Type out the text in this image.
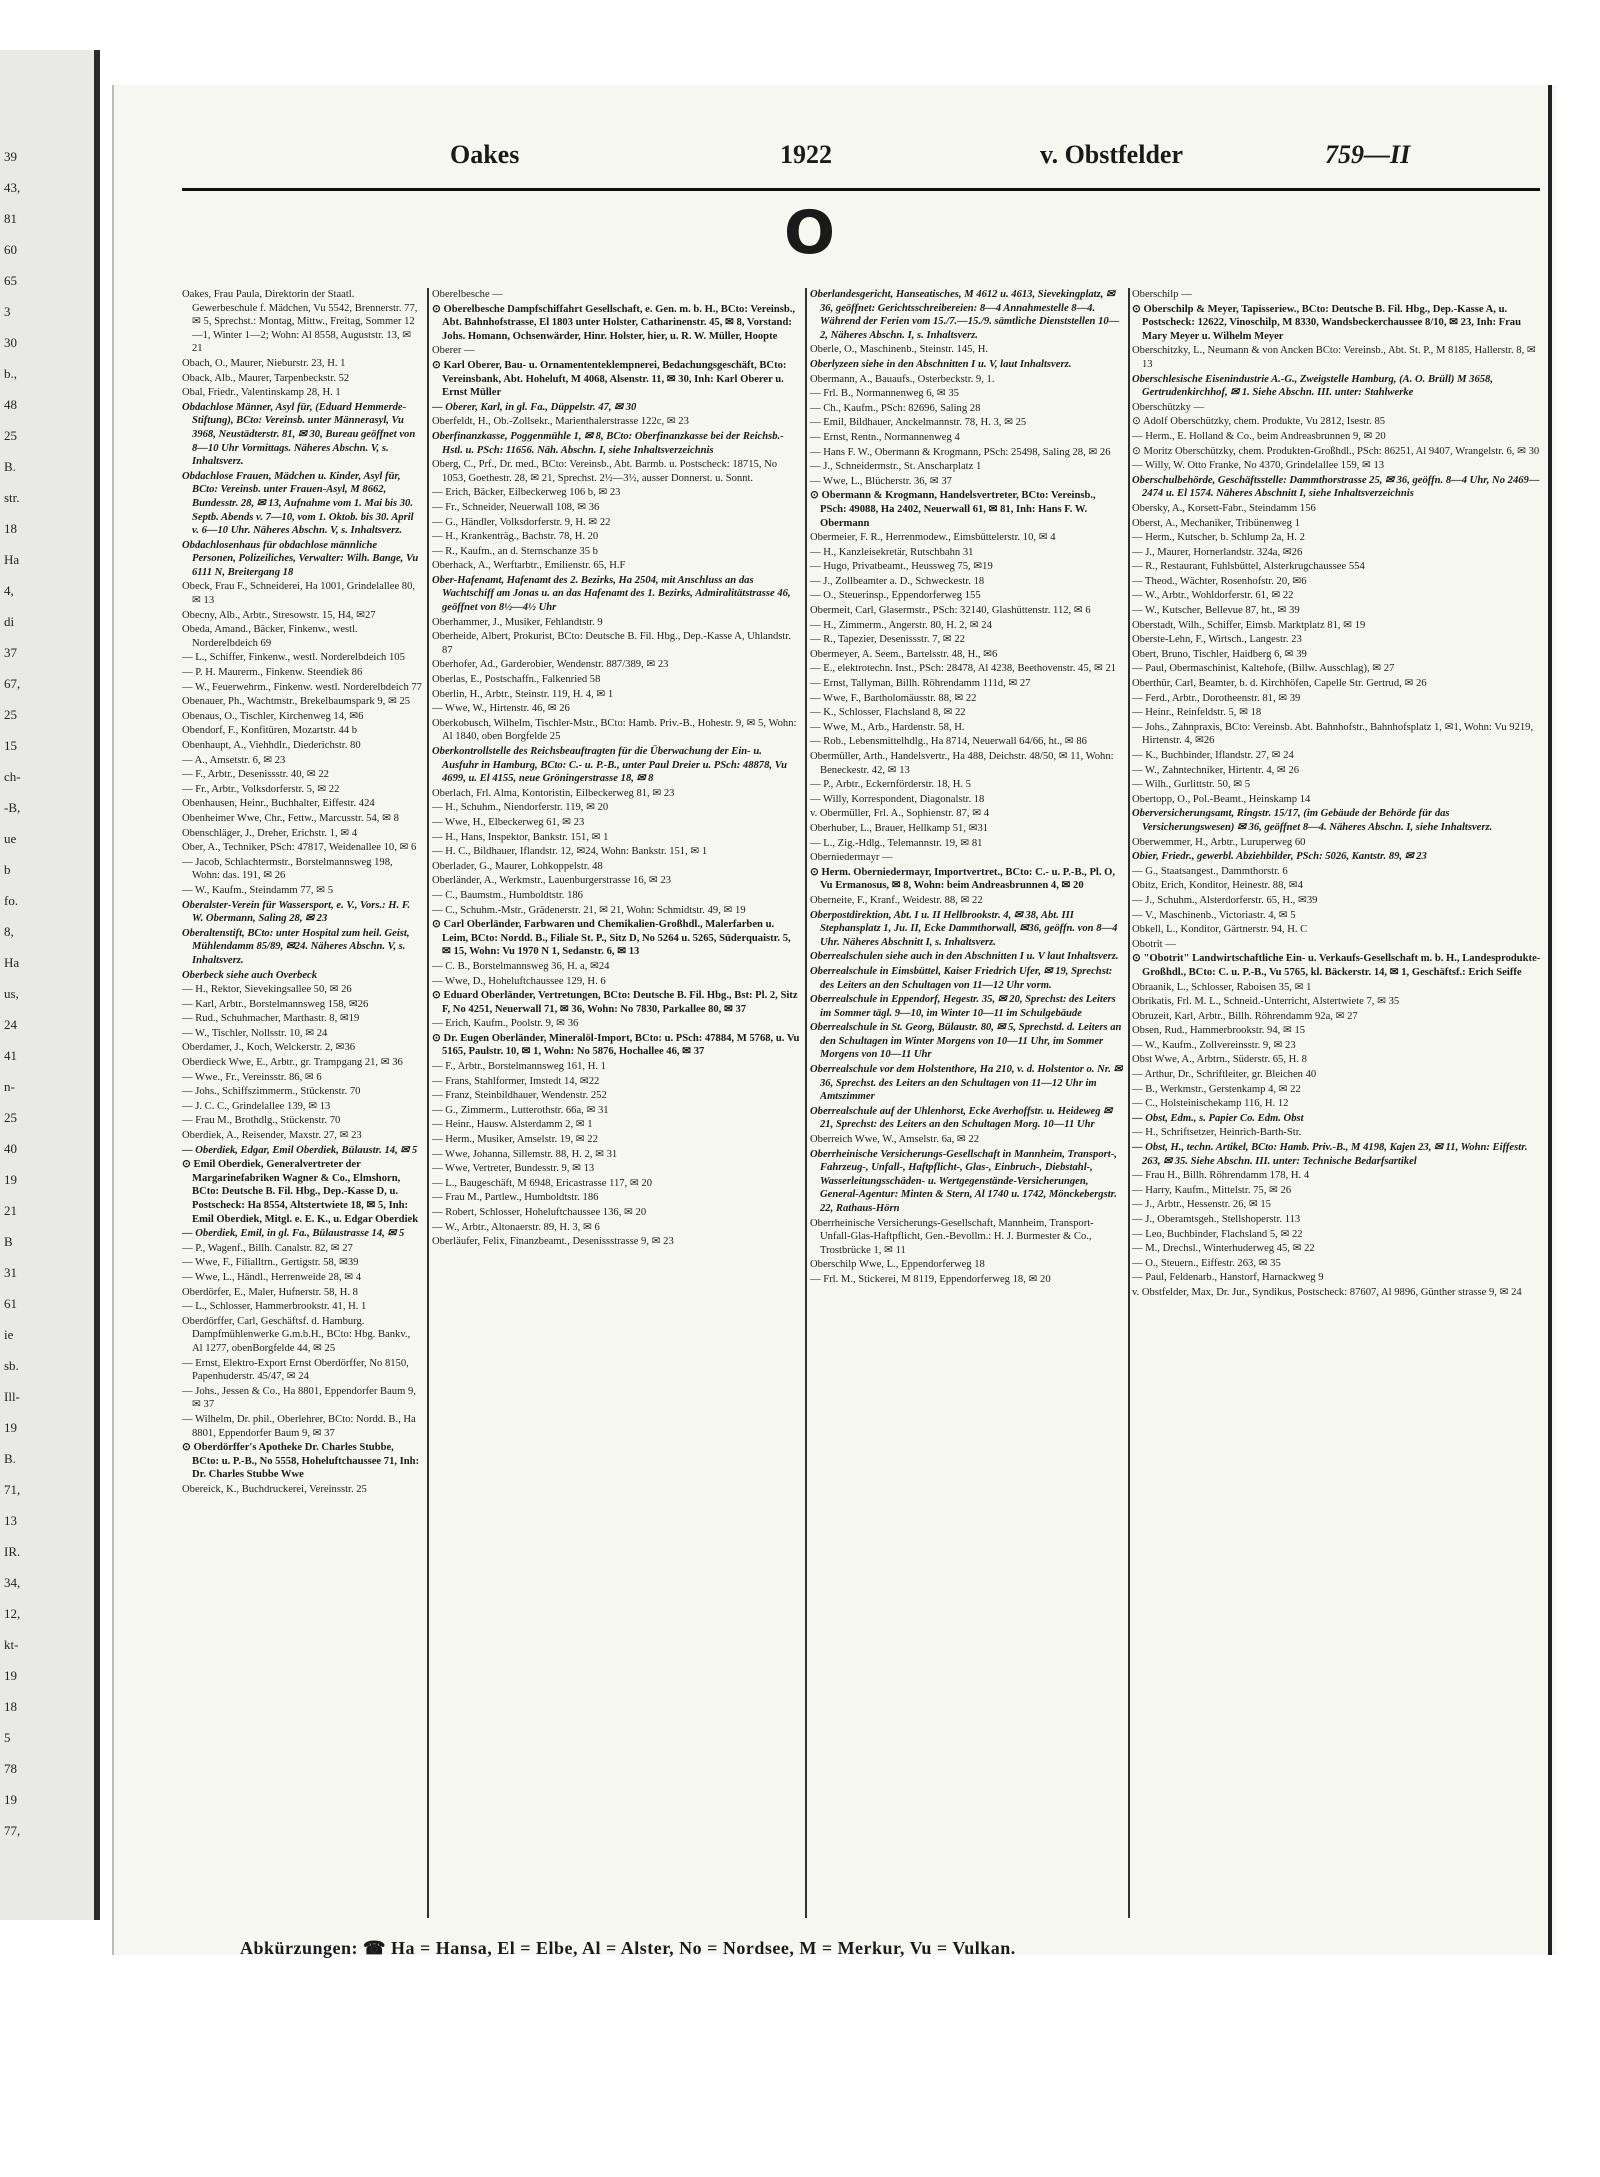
39
43,
81
60
65
3
30
b.,
48
25
B.
str.
18
Ha
4,
di
37
67,
25
15
ch-
-B,
ue
b
fo.
8,
Ha
us,
24
41
n-
25
40
19
21
B
31
61
ie
sb.
Ill-
19
B.
71,
13
IR.
34,
12,
kt-
19
18
5
78
19
77,
Oakes	1922	v. Obstfelder	759—II
O
Oakes, Frau Paula, Direktorin der Staatl. Gewerbeschule f. Mädchen, Vu 5542, Brennerstr. 77, ✉ 5, Sprechst.: Montag, Mittw., Freitag, Sommer 12—1, Winter 1—2; Wohn: Al 8558, Auguststr. 13, ✉ 21
Obach, O., Maurer, Nieburstr. 23, H. 1
Oback, Alb., Maurer, Tarpenbeckstr. 52
Obal, Friedr., Valentinskamp 28, H. 1
Obdachlose Männer, Asyl für, (Eduard Hemmerde-Stiftung), BCto: Vereinsb. unter Männerasyl, Vu 3968, Neustädterstr. 81, ✉ 30, Bureau geöffnet von 8—10 Uhr Vormittags. Näheres Abschn. V, s. Inhaltsverz.
Obdachlose Frauen, Mädchen u. Kinder, Asyl für, BCto: Vereinsb. unter Frauen-Asyl, M 8662, Bundesstr. 28, ✉ 13, Aufnahme vom 1. Mai bis 30. Septb. Abends v. 7—10, vom 1. Oktob. bis 30. April v. 6—10 Uhr. Näheres Abschn. V, s. Inhaltsverz.
Obdachlosenhaus für obdachlose männliche Personen, Polizeiliches, Verwalter: Wilh. Bange, Vu 6111 N, Breitergang 18
Obeck, Frau F., Schneiderei, Ha 1001, Grindelallee 80, ✉ 13
Obecny, Alb., Arbtr., Stresowstr. 15, H4, ✉27
Obeda, Amand., Bäcker, Finkenw., westl. Norderelbdeich 69
— L., Schiffer, Finkenw., westl. Norderelbdeich 105
— P. H. Maurerm., Finkenw. Steendiek 86
— W., Feuerwehrm., Finkenw. westl. Norderelbdeich 77
Obenauer, Ph., Wachtmstr., Brekelbaumspark 9, ✉ 25
Obenaus, O., Tischler, Kirchenweg 14, ✉6
Obendorf, F., Konfitüren, Mozartstr. 44 b
Obenhaupt, A., Viehhdlr., Diederichstr. 80
— A., Amsetstr. 6, ✉ 23
— F., Arbtr., Desenissstr. 40, ✉ 22
— Fr., Arbtr., Volksdorferstr. 5, ✉ 22
Obenhausen, Heinr., Buchhalter, Eiffestr. 424
Obenheimer Wwe, Chr., Fettw., Marcusstr. 54, ✉ 8
Obenschläger, J., Dreher, Erichstr. 1, ✉ 4
Ober, A., Techniker, PSch: 47817, Weidenallee 10, ✉ 6
— Jacob, Schlachtermstr., Borstelmannsweg 198, Wohn: das. 191, ✉ 26
— W., Kaufm., Steindamm 77, ✉ 5
Oberalster-Verein für Wassersport, e. V., Vors.: H. F. W. Obermann, Saling 28, ✉ 23
Oberaltenstift, BCto: unter Hospital zum heil. Geist, Mühlendamm 85/89, ✉24. Näheres Abschn. V, s. Inhaltsverz.
Oberbeck siehe auch Overbeck
— H., Rektor, Sievekingsallee 50, ✉ 26
— Karl, Arbtr., Borstelmannsweg 158, ✉26
— Rud., Schuhmacher, Marthastr. 8, ✉19
— W., Tischler, Nollsstr. 10, ✉ 24
Oberdamer, J., Koch, Welckerstr. 2, ✉36
Oberdieck Wwe, E., Arbtr., gr. Trampgang 21, ✉ 36
— Wwe., Fr., Vereinsstr. 86, ✉ 6
— Johs., Schiffszimmerm., Stückenstr. 70
— J. C. C., Grindelallee 139, ✉ 13
— Frau M., Brothdlg., Stückenstr. 70
Oberdiek, A., Reisender, Maxstr. 27, ✉ 23
— Oberdiek, Edgar, Emil Oberdiek, Bülaustr. 14, ✉ 5
⊙ Emil Oberdiek, Generalvertreter der Margarinefabriken Wagner & Co., Elmshorn, BCto: Deutsche B. Fil. Hbg., Dep.-Kasse D, u. Postscheck: Ha 8554, Altstertwiete 18, ✉ 5, Inh: Emil Oberdiek, Mitgl. e. E. K., u. Edgar Oberdiek
— Oberdiek, Emil, in gl. Fa., Bülaustrasse 14, ✉ 5
— P., Wagenf., Billh. Canalstr. 82, ✉ 27
— Wwe, F., Filialltrn., Gertigstr. 58, ✉39
— Wwe, L., Händl., Herrenweide 28, ✉ 4
Oberdörfer, E., Maler, Hufnerstr. 58, H. 8
— L., Schlosser, Hammerbrookstr. 41, H. 1
Oberdörffer, Carl, Geschäftsf. d. Hamburg. Dampfmühlenwerke G.m.b.H., BCto: Hbg. Bankv., Al 1277, obenBorgfelde 44, ✉ 25
— Ernst, Elektro-Export Ernst Oberdörffer, No 8150, Papenhuderstr. 45/47, ✉ 24
— Johs., Jessen & Co., Ha 8801, Eppendorfer Baum 9, ✉ 37
— Wilhelm, Dr. phil., Oberlehrer, BCto: Nordd. B., Ha 8801, Eppendorfer Baum 9, ✉ 37
⊙ Oberdörffer's Apotheke Dr. Charles Stubbe, BCto: u. P.-B., No 5558, Hoheluftchaussee 71, Inh: Dr. Charles Stubbe Wwe
Obereick, K., Buchdruckerei, Vereinsstr. 25
Oberelbesche —
⊙ Oberelbesche Dampfschiffahrt Gesellschaft, e. Gen. m. b. H., BCto: Vereinsb., Abt. Bahnhofstrasse, El 1803 unter Holster, Catharinenstr. 45, ✉ 8, Vorstand: Johs. Homann, Ochsenwärder, Hinr. Holster, hier, u. R. W. Müller, Hoopte
Oberer —
⊙ Karl Oberer, Bau- u. Ornamententeklempnerei, Bedachungsgeschäft, BCto: Vereinsbank, Abt. Hoheluft, M 4068, Alsenstr. 11, ✉ 30, Inh: Karl Oberer u. Ernst Müller
— Oberer, Karl, in gl. Fa., Düppelstr. 47, ✉ 30
Oberfeldt, H., Ob.-Zollsekr., Marienthalerstrasse 122c, ✉ 23
Oberfinanzkasse, Poggenmühle 1, ✉ 8, BCto: Oberfinanzkasse bei der Reichsb.-Hstl. u. PSch: 11656. Näh. Abschn. I, siehe Inhaltsverzeichnis
Oberg, C., Prf., Dr. med., BCto: Vereinsb., Abt. Barmb. u. Postscheck: 18715, No 1053, Goethestr. 28, ✉ 21, Sprechst. 2½—3½, ausser Donnerst. u. Sonnt.
— Erich, Bäcker, Eilbeckerweg 106 b, ✉ 23
— Fr., Schneider, Neuerwall 108, ✉ 36
— G., Händler, Volksdorferstr. 9, H. ✉ 22
— H., Krankenträg., Bachstr. 78, H. 20
— R., Kaufm., an d. Sternschanze 35 b
Oberhack, A., Werftarbtr., Emilienstr. 65, H.F
Ober-Hafenamt, Hafenamt des 2. Bezirks, Ha 2504, mit Anschluss an das Wachtschiff am Jonas u. an das Hafenamt des 1. Bezirks, Admiralitätstrasse 46, geöffnet von 8½—4½ Uhr
Oberhammer, J., Musiker, Fehlandtstr. 9
Oberheide, Albert, Prokurist, BCto: Deutsche B. Fil. Hbg., Dep.-Kasse A, Uhlandstr. 87
Oberhofer, Ad., Garderobier, Wendenstr. 887/389, ✉ 23
Oberlas, E., Postschaffn., Falkenried 58
Oberlin, H., Arbtr., Steinstr. 119, H. 4, ✉ 1
— Wwe, W., Hirtenstr. 46, ✉ 26
Oberkobusch, Wilhelm, Tischler-Mstr., BCto: Hamb. Priv.-B., Hohestr. 9, ✉ 5, Wohn: Al 1840, oben Borgfelde 25
Oberkontrollstelle des Reichsbeauftragten für die Überwachung der Ein- u. Ausfuhr in Hamburg, BCto: C.- u. P.-B., unter Paul Dreier u. PSch: 48878, Vu 4699, u. El 4155, neue Gröningerstrasse 18, ✉ 8
Oberlach, Frl. Alma, Kontoristin, Eilbeckerweg 81, ✉ 23
— H., Schuhm., Niendorferstr. 119, ✉ 20
— Wwe, H., Elbeckerweg 61, ✉ 23
— H., Hans, Inspektor, Bankstr. 151, ✉ 1
— H. C., Bildhauer, Iflandstr. 12, ✉24, Wohn: Bankstr. 151, ✉ 1
Oberlader, G., Maurer, Lohkoppelstr. 48
Oberländer, A., Werkmstr., Lauenburgerstrasse 16, ✉ 23
— C., Baumstm., Humboldtstr. 186
— C., Schuhm.-Mstr., Grädenerstr. 21, ✉ 21, Wohn: Schmidtstr. 49, ✉ 19
⊙ Carl Oberländer, Farbwaren und Chemikalien-Großhdl., Malerfarben u. Leim, BCto: Nordd. B., Filiale St. P., Sitz D, No 5264 u. 5265, Süderquaistr. 5, ✉ 15, Wohn: Vu 1970 N 1, Sedanstr. 6, ✉ 13
— C. B., Borstelmannsweg 36, H. a, ✉24
— Wwe, D., Hoheluftchaussee 129, H. 6
⊙ Eduard Oberländer, Vertretungen, BCto: Deutsche B. Fil. Hbg., Bst: Pl. 2, Sitz F, No 4251, Neuerwall 71, ✉ 36, Wohn: No 7830, Parkallee 80, ✉ 37
— Erich, Kaufm., Poolstr. 9, ✉ 36
⊙ Dr. Eugen Oberländer, Mineralöl-Import, BCto: u. PSch: 47884, M 5768, u. Vu 5165, Paulstr. 10, ✉ 1, Wohn: No 5876, Hochallee 46, ✉ 37
— F., Arbtr., Borstelmannsweg 161, H. 1
— Frans, Stahlformer, Imstedt 14, ✉22
— Franz, Steinbildhauer, Wendenstr. 252
— G., Zimmerm., Lutterothstr. 66a, ✉ 31
— Heinr., Hausw. Alsterdamm 2, ✉ 1
— Herm., Musiker, Amselstr. 19, ✉ 22
— Wwe, Johanna, Sillemstr. 88, H. 2, ✉ 31
— Wwe, Vertreter, Bundesstr. 9, ✉ 13
— L., Baugeschäft, M 6948, Ericastrasse 117, ✉ 20
— Frau M., Partlew., Humboldtstr. 186
— Robert, Schlosser, Hoheluftchaussee 136, ✉ 20
— W., Arbtr., Altonaerstr. 89, H. 3, ✉ 6
Oberläufer, Felix, Finanzbeamt., Desenissstrasse 9, ✉ 23
Oberlandesgericht, Hanseatisches, M 4612 u. 4613, Sievekingplatz, ✉ 36, geöffnet: Gerichtsschreibereien: 8—4 Annahmestelle 8—4. Während der Ferien vom 15./7.—15./9. sämtliche Dienststellen 10—2, Näheres Abschn. I, s. Inhaltsverz.
Oberle, O., Maschinenb., Steinstr. 145, H.
Oberlyzeen siehe in den Abschnitten I u. V, laut Inhaltsverz.
Obermann, A., Bauaufs., Osterbeckstr. 9, 1.
— Frl. B., Normannenweg 6, ✉ 35
— Ch., Kaufm., PSch: 82696, Saling 28
— Emil, Bildhauer, Anckelmannstr. 78, H. 3, ✉ 25
— Ernst, Rentn., Normannenweg 4
— Hans F. W., Obermann & Krogmann, PSch: 25498, Saling 28, ✉ 26
— J., Schneidermstr., St. Anscharplatz 1
— Wwe, L., Blücherstr. 36, ✉ 37
⊙ Obermann & Krogmann, Handelsvertreter, BCto: Vereinsb., PSch: 49088, Ha 2402, Neuerwall 61, ✉ 81, Inh: Hans F. W. Obermann
Obermeier, F. R., Herrenmodew., Eimsbüttelerstr. 10, ✉ 4
— H., Kanzleisekretär, Rutschbahn 31
— Hugo, Privatbeamt., Heussweg 75, ✉19
— J., Zollbeamter a. D., Schweckestr. 18
— O., Steuerinsp., Eppendorferweg 155
Obermeit, Carl, Glasermstr., PSch: 32140, Glashüttenstr. 112, ✉ 6
— H., Zimmerm., Angerstr. 80, H. 2, ✉ 24
— R., Tapezier, Desenissstr. 7, ✉ 22
Obermeyer, A. Seem., Bartelsstr. 48, H., ✉6
— E., elektrotechn. Inst., PSch: 28478, Al 4238, Beethovenstr. 45, ✉ 21
— Ernst, Tallyman, Billh. Röhrendamm 111d, ✉ 27
— Wwe, F., Bartholomäusstr. 88, ✉ 22
— K., Schlosser, Flachsland 8, ✉ 22
— Wwe, M., Arb., Hardenstr. 58, H.
— Rob., Lebensmittelhdlg., Ha 8714, Neuerwall 64/66, ht., ✉ 86
Obermüller, Arth., Handelsvertr., Ha 488, Deichstr. 48/50, ✉ 11, Wohn: Beneckestr. 42, ✉ 13
— P., Arbtr., Eckernförderstr. 18, H. 5
— Willy, Korrespondent, Diagonalstr. 18
v. Obermüller, Frl. A., Sophienstr. 87, ✉ 4
Oberhuber, L., Brauer, Hellkamp 51, ✉31
— L., Zig.-Hdlg., Telemannstr. 19, ✉ 81
Oberniedermayr —
⊙ Herm. Oberniedermayr, Importvertret., BCto: C.- u. P.-B., Pl. O, Vu Ermanosus, ✉ 8, Wohn: beim Andreasbrunnen 4, ✉ 20
Oberneite, F., Kranf., Weidestr. 88, ✉ 22
Oberpostdirektion, Abt. I u. II Hellbrookstr. 4, ✉ 38, Abt. III Stephansplatz 1, Ju. II, Ecke Dammthorwall, ✉36, geöffn. von 8—4 Uhr. Näheres Abschnitt I, s. Inhaltsverz.
Oberrealschulen siehe auch in den Abschnitten I u. V laut Inhaltsverz.
Oberrealschule in Eimsbüttel, Kaiser Friedrich Ufer, ✉ 19, Sprechst: des Leiters an den Schultagen von 11—12 Uhr vorm.
Oberrealschule in Eppendorf, Hegestr. 35, ✉ 20, Sprechst: des Leiters im Sommer tägl. 9—10, im Winter 10—11 im Schulgebäude
Oberrealschule in St. Georg, Bülaustr. 80, ✉ 5, Sprechstd. d. Leiters an den Schultagen im Winter Morgens von 10—11 Uhr, im Sommer Morgens von 10—11 Uhr
Oberrealschule vor dem Holstenthore, Ha 210, v. d. Holstentor o. Nr. ✉ 36, Sprechst. des Leiters an den Schultagen von 11—12 Uhr im Amtszimmer
Oberrealschule auf der Uhlenhorst, Ecke Averhoffstr. u. Heideweg ✉ 21, Sprechst: des Leiters an den Schultagen Morg. 10—11 Uhr
Oberreich Wwe, W., Amselstr. 6a, ✉ 22
Oberrheinische Versicherungs-Gesellschaft in Mannheim, Transport-, Fahrzeug-, Unfall-, Haftpflicht-, Glas-, Einbruch-, Diebstahl-, Wasserleitungsschäden- u. Wertgegenstände-Versicherungen, General-Agentur: Minten & Stern, Al 1740 u. 1742, Mönckebergstr. 22, Rathaus-Hörn
Oberrheinische Versicherungs-Gesellschaft, Mannheim, Transport-Unfall-Glas-Haftpflicht, Gen.-Bevollm.: H. J. Burmester & Co., Trostbrücke 1, ✉ 11
Oberschilp Wwe, L., Eppendorferweg 18
— Frl. M., Stickerei, M 8119, Eppendorferweg 18, ✉ 20
Oberschilp —
⊙ Oberschilp & Meyer, Tapisseriew., BCto: Deutsche B. Fil. Hbg., Dep.-Kasse A, u. Postscheck: 12622, Vinoschilp, M 8330, Wandsbeckerchaussee 8/10, ✉ 23, Inh: Frau Mary Meyer u. Wilhelm Meyer
Oberschitzky, L., Neumann & von Ancken BCto: Vereinsb., Abt. St. P., M 8185, Hallerstr. 8, ✉ 13
Oberschlesische Eisenindustrie A.-G., Zweigstelle Hamburg, (A. O. Brüll) M 3658, Gertrudenkirchhof, ✉ 1. Siehe Abschn. III. unter: Stahlwerke
Oberschützky —
⊙ Adolf Oberschützky, chem. Produkte, Vu 2812, Isestr. 85
— Herm., E. Holland & Co., beim Andreasbrunnen 9, ✉ 20
⊙ Moritz Oberschützky, chem. Produkten-Großhdl., PSch: 86251, Al 9407, Wrangelstr. 6, ✉ 30
— Willy, W. Otto Franke, No 4370, Grindelallee 159, ✉ 13
Oberschulbehörde, Geschäftsstelle: Dammthorstrasse 25, ✉ 36, geöffn. 8—4 Uhr, No 2469—2474 u. El 1574. Näheres Abschnitt I, siehe Inhaltsverzeichnis
Obersky, A., Korsett-Fabr., Steindamm 156
Oberst, A., Mechaniker, Tribünenweg 1
— Herm., Kutscher, b. Schlump 2a, H. 2
— J., Maurer, Hornerlandstr. 324a, ✉26
— R., Restaurant, Fuhlsbüttel, Alsterkrugchaussee 554
— Theod., Wächter, Rosenhofstr. 20, ✉6
— W., Arbtr., Wohldorferstr. 61, ✉ 22
— W., Kutscher, Bellevue 87, ht., ✉ 39
Oberstadt, Wilh., Schiffer, Eimsb. Marktplatz 81, ✉ 19
Oberste-Lehn, F., Wirtsch., Langestr. 23
Obert, Bruno, Tischler, Haidberg 6, ✉ 39
— Paul, Obermaschinist, Kaltehofe, (Billw. Ausschlag), ✉ 27
Oberthür, Carl, Beamter, b. d. Kirchhöfen, Capelle Str. Gertrud, ✉ 26
— Ferd., Arbtr., Dorotheenstr. 81, ✉ 39
— Heinr., Reinfeldstr. 5, ✉ 18
— Johs., Zahnpraxis, BCto: Vereinsb. Abt. Bahnhofstr., Bahnhofsplatz 1, ✉1, Wohn: Vu 9219, Hirtenstr. 4, ✉26
— K., Buchbinder, Iflandstr. 27, ✉ 24
— W., Zahntechniker, Hirtentr. 4, ✉ 26
— Wilh., Gurlittstr. 50, ✉ 5
Obertopp, O., Pol.-Beamt., Heinskamp 14
Oberversicherungsamt, Ringstr. 15/17, (im Gebäude der Behörde für das Versicherungswesen) ✉ 36, geöffnet 8—4. Näheres Abschn. I, siehe Inhaltsverz.
Oberwemmer, H., Arbtr., Luruperweg 60
Obier, Friedr., gewerbl. Abziehbilder, PSch: 5026, Kantstr. 89, ✉ 23
— G., Staatsangest., Dammthorstr. 6
Obitz, Erich, Konditor, Heinestr. 88, ✉4
— J., Schuhm., Alsterdorferstr. 65, H., ✉39
— V., Maschinenb., Victoriastr. 4, ✉ 5
Obkell, L., Konditor, Gärtnerstr. 94, H. C
Obotrit —
⊙ "Obotrit" Landwirtschaftliche Ein- u. Verkaufs-Gesellschaft m. b. H., Landesprodukte-Großhdl., BCto: C. u. P.-B., Vu 5765, kl. Bäckerstr. 14, ✉ 1, Geschäftsf.: Erich Seiffe
Obraanik, L., Schlosser, Raboisen 35, ✉ 1
Obrikatis, Frl. M. L., Schneid.-Unterricht, Alstertwiete 7, ✉ 35
Obruzeit, Karl, Arbtr., Billh. Röhrendamm 92a, ✉ 27
Obsen, Rud., Hammerbrookstr. 94, ✉ 15
— W., Kaufm., Zollvereinsstr. 9, ✉ 23
Obst Wwe, A., Arbtrn., Süderstr. 65, H. 8
— Arthur, Dr., Schriftleiter, gr. Bleichen 40
— B., Werkmstr., Gerstenkamp 4, ✉ 22
— C., Holsteinischekamp 116, H. 12
— Obst, Edm., s. Papier Co. Edm. Obst
— H., Schriftsetzer, Heinrich-Barth-Str.
— Obst, H., techn. Artikel, BCto: Hamb. Priv.-B., M 4198, Kajen 23, ✉ 11, Wohn: Eiffestr. 263, ✉ 35. Siehe Abschn. III. unter: Technische Bedarfsartikel
— Frau H., Billh. Röhrendamm 178, H. 4
— Harry, Kaufm., Mittelstr. 75, ✉ 26
— J., Arbtr., Hessenstr. 26, ✉ 15
— J., Oberamtsgeh., Stellshoperstr. 113
— Leo, Buchbinder, Flachsland 5, ✉ 22
— M., Drechsl., Winterhuderweg 45, ✉ 22
— O., Steuern., Eiffestr. 263, ✉ 35
— Paul, Feldenarb., Hanstorf, Harnackweg 9
v. Obstfelder, Max, Dr. Jur., Syndikus, Postscheck: 87607, Al 9896, Günther strasse 9, ✉ 24
Abkürzungen: ☎ Ha = Hansa, El = Elbe, Al = Alster, No = Nordsee, M = Merkur, Vu = Vulkan.
